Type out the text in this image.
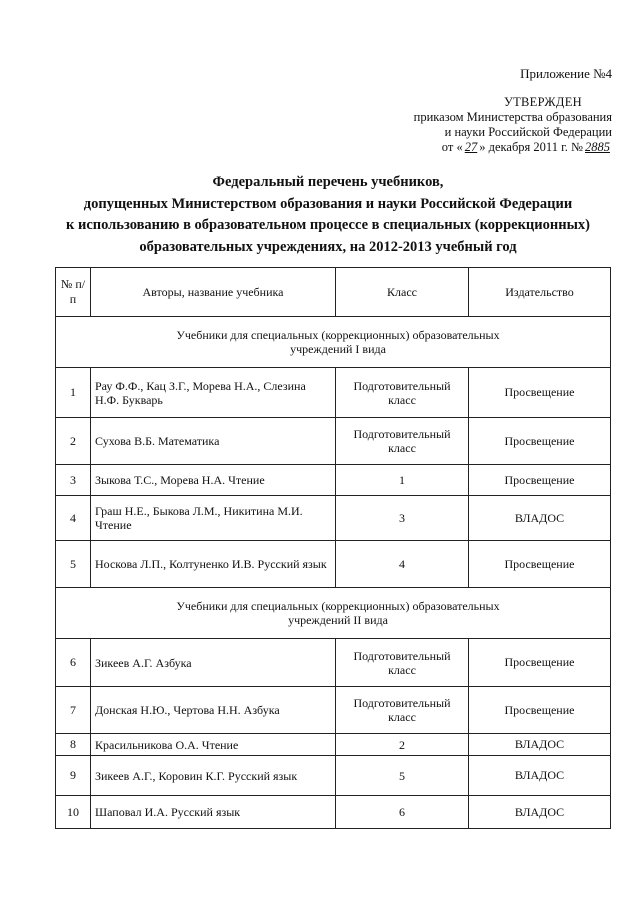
Приложение №4
УТВЕРЖДЕН
приказом Министерства образования
и науки Российской Федерации
от « 27 » декабря 2011 г. № 2885
Федеральный перечень учебников,
допущенных Министерством образования и науки Российской Федерации
к использованию в образовательном процессе в специальных (коррекционных)
образовательных учреждениях, на 2012-2013 учебный год
№ п/п	Авторы, название учебника	Класс	Издательство
Учебники для специальных (коррекционных) образовательных учреждений I вида			
1	Рау Ф.Ф., Кац З.Г., Морева Н.А., Слезина Н.Ф. Букварь	Подготовительный класс	Просвещение
2	Сухова В.Б. Математика	Подготовительный класс	Просвещение
3	Зыкова Т.С., Морева Н.А. Чтение	1	Просвещение
4	Граш Н.Е., Быкова Л.М., Никитина М.И. Чтение	3	ВЛАДОС
5	Носкова Л.П., Колтуненко И.В. Русский язык	4	Просвещение
Учебники для специальных (коррекционных) образовательных учреждений II вида			
6	Зикеев А.Г. Азбука	Подготовительный класс	Просвещение
7	Донская Н.Ю., Чертова Н.Н. Азбука	Подготовительный класс	Просвещение
8	Красильникова О.А. Чтение	2	ВЛАДОС
9	Зикеев А.Г., Коровин К.Г. Русский язык	5	ВЛАДОС
10	Шаповал И.А. Русский язык	6	ВЛАДОС
